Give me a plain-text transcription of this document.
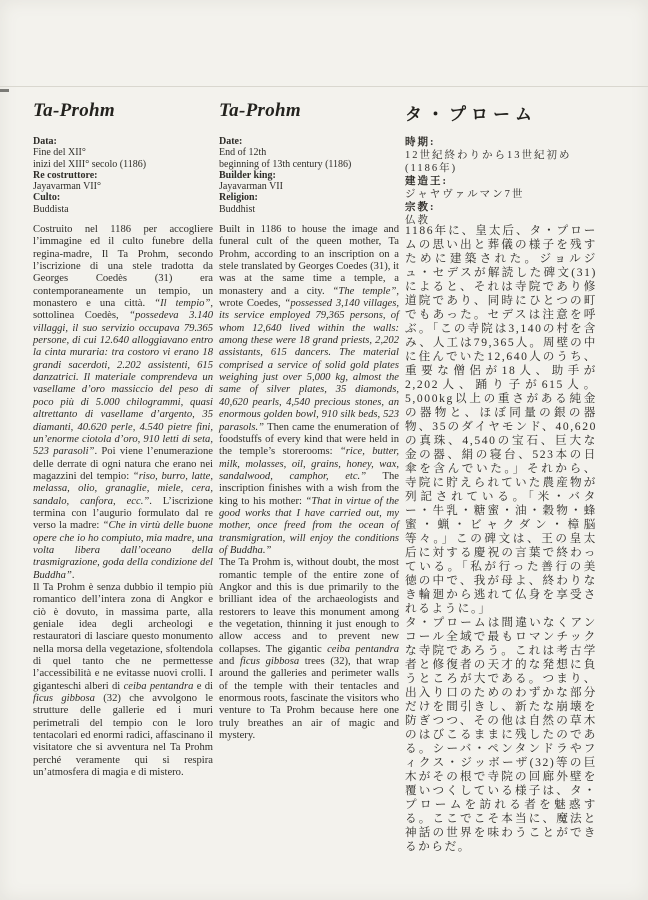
Ta-Prohm
Data:
Fine del XII°
inizi del XIII° secolo (1186)
Re costruttore:
Jayavarman VII°
Culto:
Buddista

Costruito nel 1186 per accogliere l’immagine ed il culto funebre della regina-madre, Il Ta Prohm, secondo l’iscrizione di una stele tradotta da Georges Coedès (31) era contemporaneamente un tempio, un monastero e una città. “Il tempio”, sottolinea Coedès, “possedeva 3.140 villaggi, il suo servizio occupava 79.365 persone, di cui 12.640 alloggiavano entro la cinta muraria: tra costoro vi erano 18 grandi sacerdoti, 2.202 assistenti, 615 danzatrici. Il materiale comprendeva un vasellame d’oro massiccio del peso di poco più di 5.000 chilogrammi, quasi altrettanto di vasellame d’argento, 35 diamanti, 40.620 perle, 4.540 pietre fini, un’enorme ciotola d’oro, 910 letti di seta, 523 parasoli”. Poi viene l’enumerazione delle derrate di ogni natura che erano nei magazzini del tempio: “riso, burro, latte, melassa, olio, granaglie, miele, cera, sandalo, canfora, ecc.”. L’iscrizione termina con l’augurio formulato dal re verso la madre: “Che in virtù delle buone opere che io ho compiuto, mia madre, una volta libera dall’oceano della trasmigrazione, goda della condizione del Buddha”.

Il Ta Prohm è senza dubbio il tempio più romantico dell’intera zona di Angkor e ciò è dovuto, in massima parte, alla geniale idea degli archeologi e restauratori di lasciare questo monumento nella morsa della vegetazione, sfoltendola di quel tanto che ne permettesse l’accessibilità e ne evitasse nuovi crolli. I giganteschi alberi di ceiba pentandra e di ficus gibbosa (32) che avvolgono le strutture delle gallerie ed i muri perimetrali del tempio con le loro tentacolari ed enormi radici, affascinano il visitatore che si avventura nel Ta Prohm perché veramente qui si respira un’atmosfera di magia e di mistero.

Ta-Prohm
Date:
End of 12th
beginning of 13th century (1186)
Builder king:
Jayavarman VII
Religion:
Buddhist

Built in 1186 to house the image and funeral cult of the queen mother, Ta Prohm, according to an inscription on a stele translated by Georges Coedes (31), it was at the same time a temple, a monastery and a city. “The temple”, wrote Coedes, “possessed 3,140 villages, its service employed 79,365 persons, of whom 12,640 lived within the walls: among these were 18 grand priests, 2,202 assistants, 615 dancers. The material comprised a service of solid gold plates weighing just over 5,000 kg, almost the same of silver plates, 35 diamonds, 40,620 pearls, 4,540 precious stones, an enormous golden bowl, 910 silk beds, 523 parasols.” Then came the enumeration of foodstuffs of every kind that were held in the temple’s storerooms: “rice, butter, milk, molasses, oil, grains, honey, wax, sandalwood, camphor, etc.” The inscription finishes with a wish from the king to his mother: “That in virtue of the good works that I have carried out, my mother, once freed from the ocean of transmigration, will enjoy the conditions of Buddha.”

The Ta Prohm is, without doubt, the most romantic temple of the entire zone of Angkor and this is due primarily to the brilliant idea of the archaeologists and restorers to leave this monument among the vegetation, thinning it just enough to allow access and to prevent new collapses. The gigantic ceiba pentandra and ficus gibbosa trees (32), that wrap around the galleries and perimeter walls of the temple with their tentacles and enormous roots, fascinate the visitors who venture to Ta Prohm because here one truly breathes an air of magic and mystery.

タ・プローム
時期:
12世紀終わりから13世紀初め
(1186年)
建造王:
ジャヤヴァルマン7世
宗教:
仏教

1186年に、皇太后、タ・プロームの思い出と葬儀の様子を残すために建築された。ジョルジュ・セデスが解読した碑文(31)によると、それは寺院であり修道院であり、同時にひとつの町でもあった。セデスは注意を呼ぶ。「この寺院は3,140の村を含み、人工は79,365人。周壁の中に住んでいた12,640人のうち、重要な僧侶が18人、助手が2,202人、踊り子が615人。5,000kg以上の重さがある純金の器物と、ほぼ同量の銀の器物、35のダイヤモンド、40,620の真珠、4,540の宝石、巨大な金の器、絹の寝台、523本の日傘を含んでいた。」それから、寺院に貯えられていた農産物が列記されている。「米・バター・牛乳・糖蜜・油・穀物・蜂蜜・蝋・ビャクダン・樟脳等々。」この碑文は、王の皇太后に対する慶祝の言葉で終わっている。「私が行った善行の美徳の中で、我が母よ、終わりなき輪廻から逃れて仏身を享受されるように。」

タ・プロームは間違いなくアンコール全域で最もロマンチックな寺院であろう。これは考古学者と修復者の天才的な発想に負うところが大である。つまり、出入り口のためのわずかな部分だけを間引きし、新たな崩壊を防ぎつつ、その他は自然の草木のはびこるままに残したのである。シーバ・ペンタンドラやフィクス・ジッボーザ(32)等の巨木がその根で寺院の回廊外壁を覆いつくしている様子は、タ・プロームを訪れる者を魅惑する。ここでこそ本当に、魔法と神話の世界を味わうことができるからだ。
